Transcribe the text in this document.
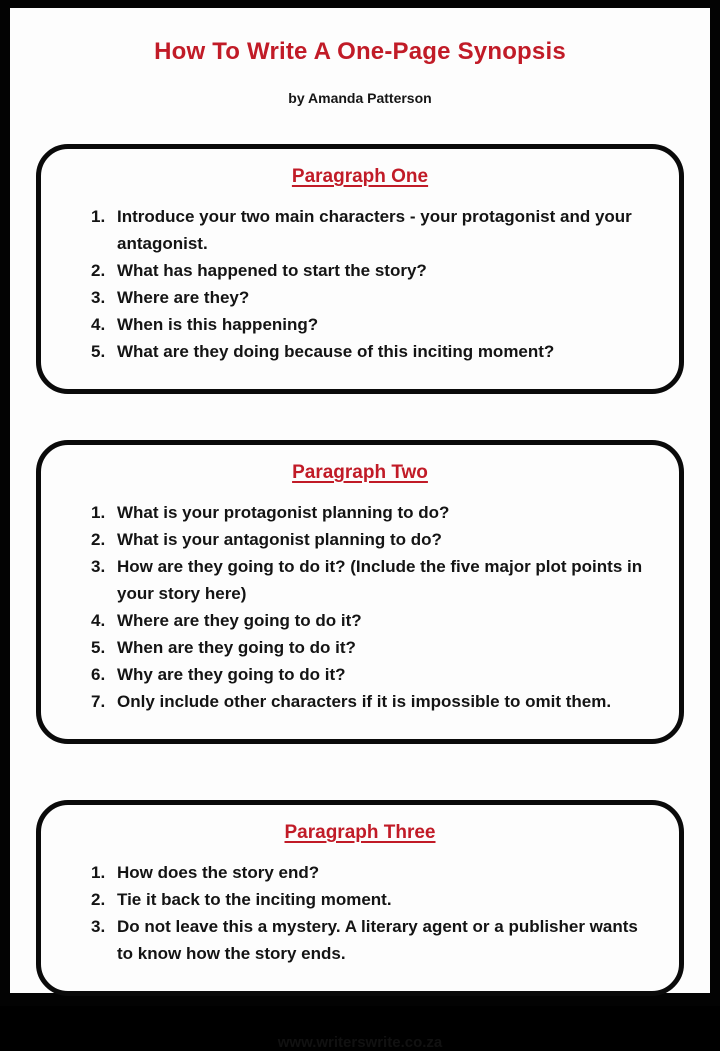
How To Write A One-Page Synopsis
by Amanda Patterson
Paragraph One
Introduce your two main characters - your protagonist and your antagonist.
What has happened to start the story?
Where are they?
When is this happening?
What are they doing because of this inciting moment?
Paragraph Two
What is your protagonist planning to do?
What is your antagonist planning to do?
How are they going to do it? (Include the five major plot points in your story here)
Where are they going to do it?
When are they going to do it?
Why are they going to do it?
Only include other characters if it is impossible to omit them.
Paragraph Three
How does the story end?
Tie it back to the inciting moment.
Do not leave this a mystery. A literary agent or a publisher wants to know how the story ends.
www.writerswrite.co.za
